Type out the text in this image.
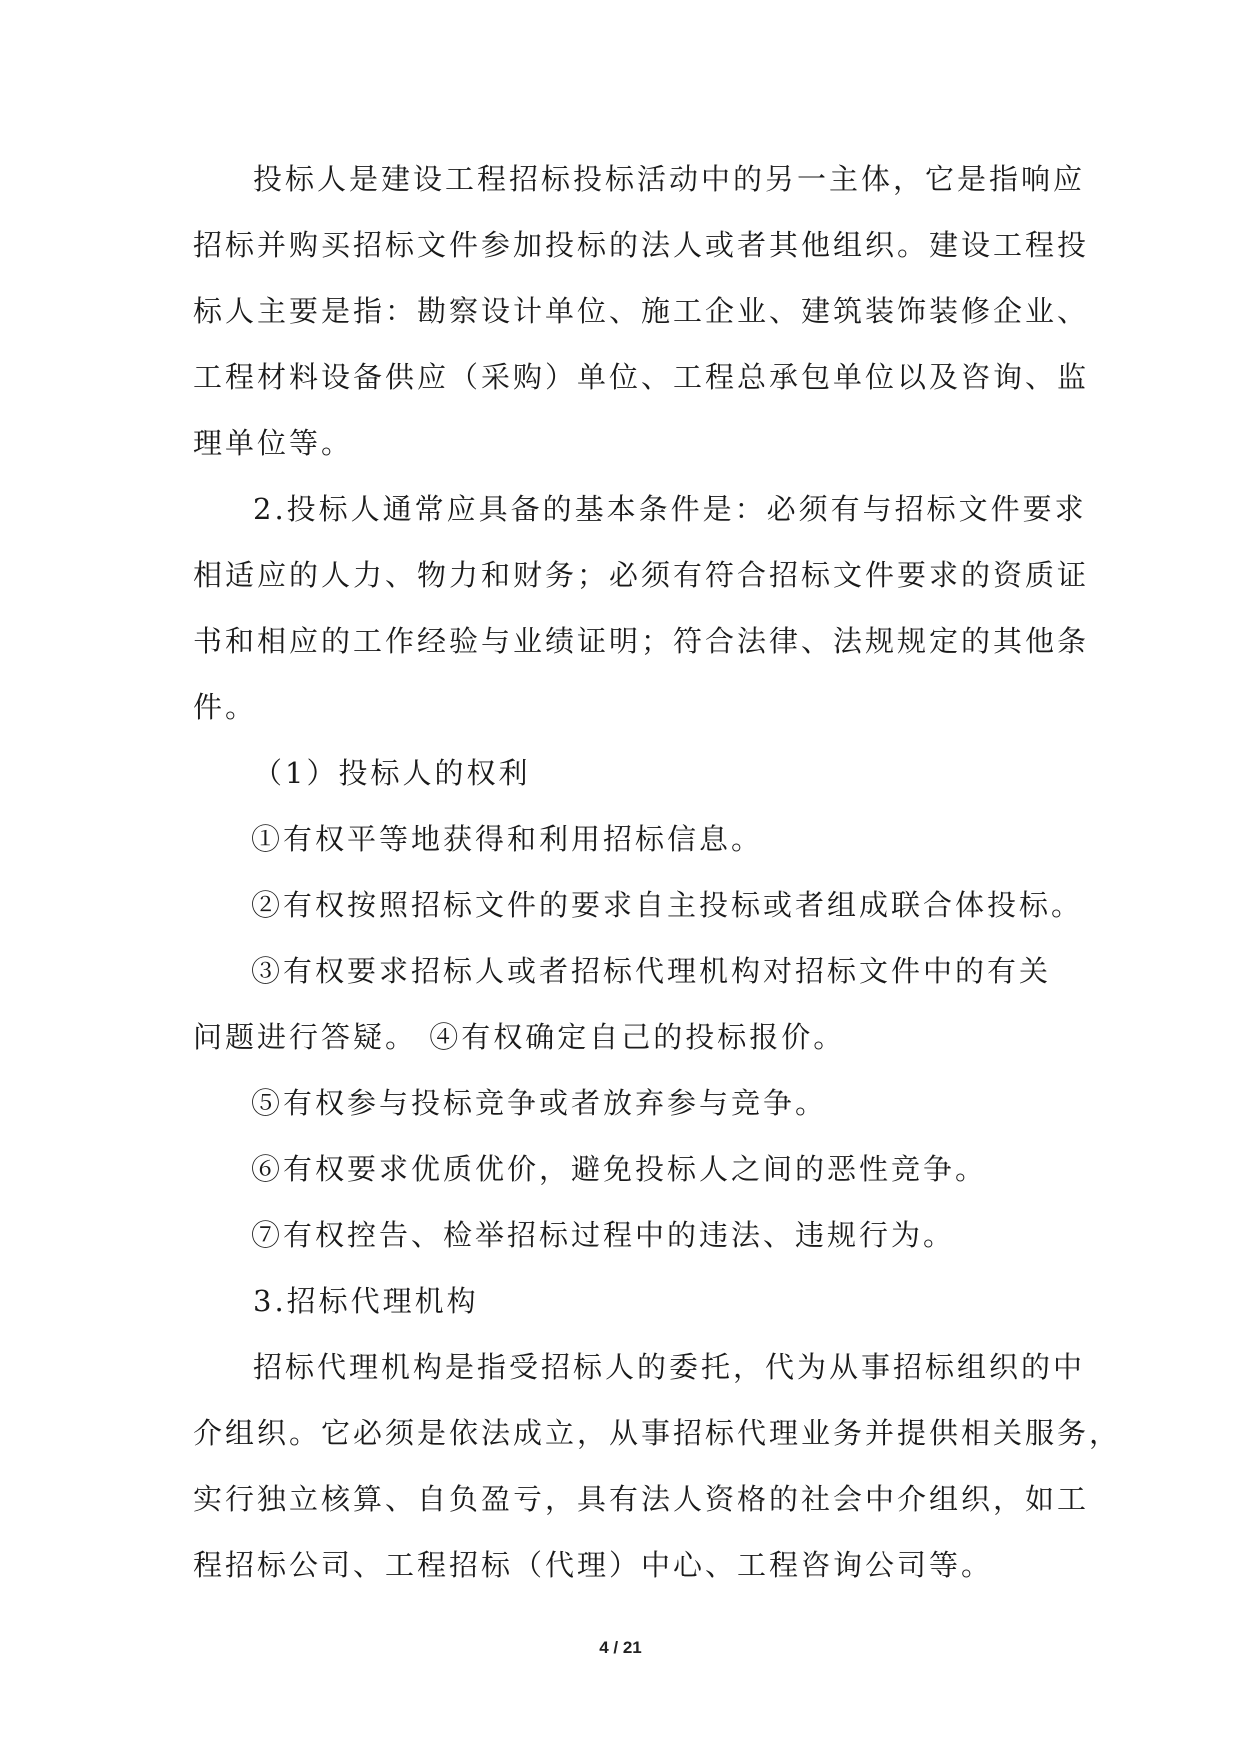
投标人是建设工程招标投标活动中的另一主体，它是指响应
招标并购买招标文件参加投标的法人或者其他组织。建设工程投
标人主要是指：勘察设计单位、施工企业、建筑装饰装修企业、
工程材料设备供应（采购）单位、工程总承包单位以及咨询、监
理单位等。
2.投标人通常应具备的基本条件是：必须有与招标文件要求
相适应的人力、物力和财务；必须有符合招标文件要求的资质证
书和相应的工作经验与业绩证明；符合法律、法规规定的其他条
件。
（1）投标人的权利
①有权平等地获得和利用招标信息。
②有权按照招标文件的要求自主投标或者组成联合体投标。
③有权要求招标人或者招标代理机构对招标文件中的有关
问题进行答疑。 ④有权确定自己的投标报价。
⑤有权参与投标竞争或者放弃参与竞争。
⑥有权要求优质优价，避免投标人之间的恶性竞争。
⑦有权控告、检举招标过程中的违法、违规行为。
3.招标代理机构
招标代理机构是指受招标人的委托，代为从事招标组织的中
介组织。它必须是依法成立，从事招标代理业务并提供相关服务，
实行独立核算、自负盈亏，具有法人资格的社会中介组织，如工
程招标公司、工程招标（代理）中心、工程咨询公司等。
4 / 21
